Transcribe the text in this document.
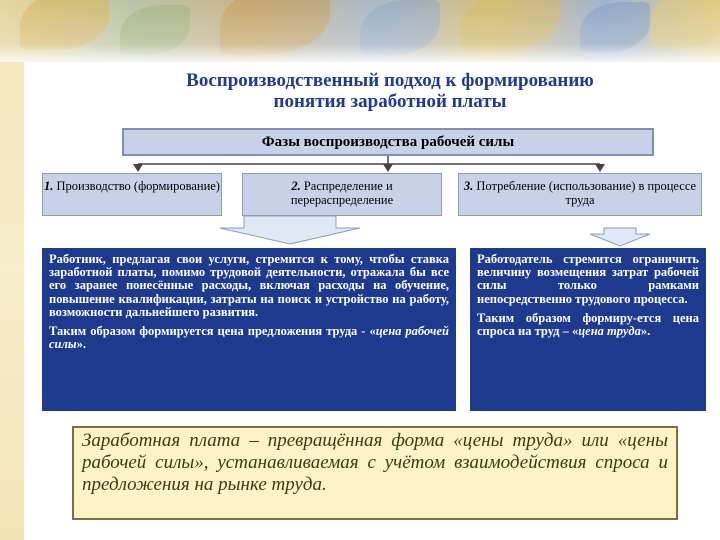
Воспроизводственный подход к формированию
понятия заработной платы
Фазы воспроизводства рабочей силы
1. Производство (формирование)	2. Распределение и перераспределение
3. Потребление (использование) в процессе труда

Работник, предлагая свои услуги, стремится к тому, чтобы ставка заработной платы, помимо трудовой деятельности, отражала бы все его заранее понесённые расходы, включая расходы на обучение, повышение квалификации, затраты на поиск и устройство на работу, возможности дальнейшего развития.

Таким образом формируется цена предложения труда - «цена рабочей силы».

Работодатель стремится ограничить величину возмещения затрат рабочей силы только рамками непосредственно трудового процесса.

Таким образом формиру-ется цена спроса на труд – «цена труда».

Заработная плата – превращённая форма «цены труда» или «цены рабочей силы», устанавливаемая с учётом взаимодействия спроса и предложения на рынке труда.
